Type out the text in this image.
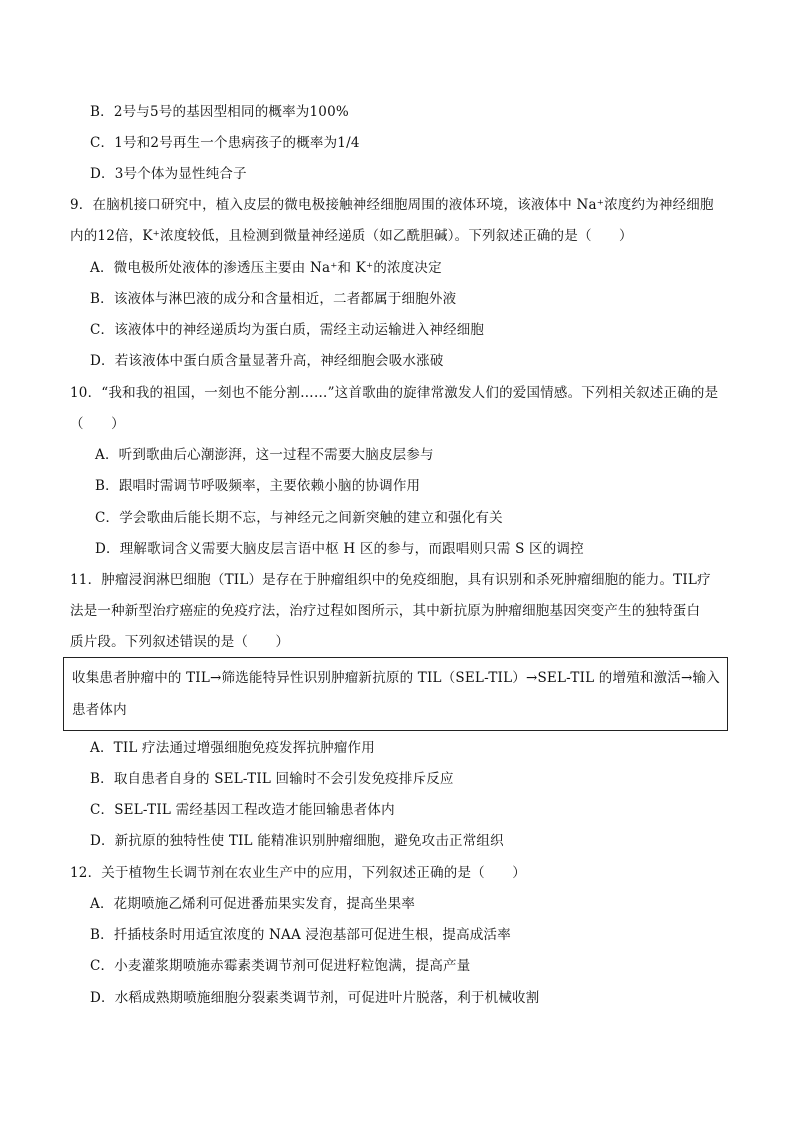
B．2号与5号的基因型相同的概率为100%
C．1号和2号再生一个患病孩子的概率为1/4
D．3号个体为显性纯合子
9．在脑机接口研究中，植入皮层的微电极接触神经细胞周围的液体环境，该液体中 Na⁺浓度约为神经细胞
内的12倍，K⁺浓度较低，且检测到微量神经递质（如乙酰胆碱）。下列叙述正确的是（　　）
A．微电极所处液体的渗透压主要由 Na⁺和 K⁺的浓度决定
B．该液体与淋巴液的成分和含量相近，二者都属于细胞外液
C．该液体中的神经递质均为蛋白质，需经主动运输进入神经细胞
D．若该液体中蛋白质含量显著升高，神经细胞会吸水涨破
10．“我和我的祖国，一刻也不能分割……”这首歌曲的旋律常激发人们的爱国情感。下列相关叙述正确的是
（　　）
A．听到歌曲后心潮澎湃，这一过程不需要大脑皮层参与
B．跟唱时需调节呼吸频率，主要依赖小脑的协调作用
C．学会歌曲后能长期不忘，与神经元之间新突触的建立和强化有关
D．理解歌词含义需要大脑皮层言语中枢 H 区的参与，而跟唱则只需 S 区的调控
11．肿瘤浸润淋巴细胞（TIL）是存在于肿瘤组织中的免疫细胞，具有识别和杀死肿瘤细胞的能力。TIL疗
法是一种新型治疗癌症的免疫疗法，治疗过程如图所示，其中新抗原为肿瘤细胞基因突变产生的独特蛋白
质片段。下列叙述错误的是（　　）
收集患者肿瘤中的 TIL→筛选能特异性识别肿瘤新抗原的 TIL（SEL-TIL）→SEL-TIL 的增殖和激活→输入
患者体内
A．TIL 疗法通过增强细胞免疫发挥抗肿瘤作用
B．取自患者自身的 SEL-TIL 回输时不会引发免疫排斥反应
C．SEL-TIL 需经基因工程改造才能回输患者体内
D．新抗原的独特性使 TIL 能精准识别肿瘤细胞，避免攻击正常组织
12．关于植物生长调节剂在农业生产中的应用，下列叙述正确的是（　　）
A．花期喷施乙烯利可促进番茄果实发育，提高坐果率
B．扦插枝条时用适宜浓度的 NAA 浸泡基部可促进生根，提高成活率
C．小麦灌浆期喷施赤霉素类调节剂可促进籽粒饱满，提高产量
D．水稻成熟期喷施细胞分裂素类调节剂，可促进叶片脱落，利于机械收割
